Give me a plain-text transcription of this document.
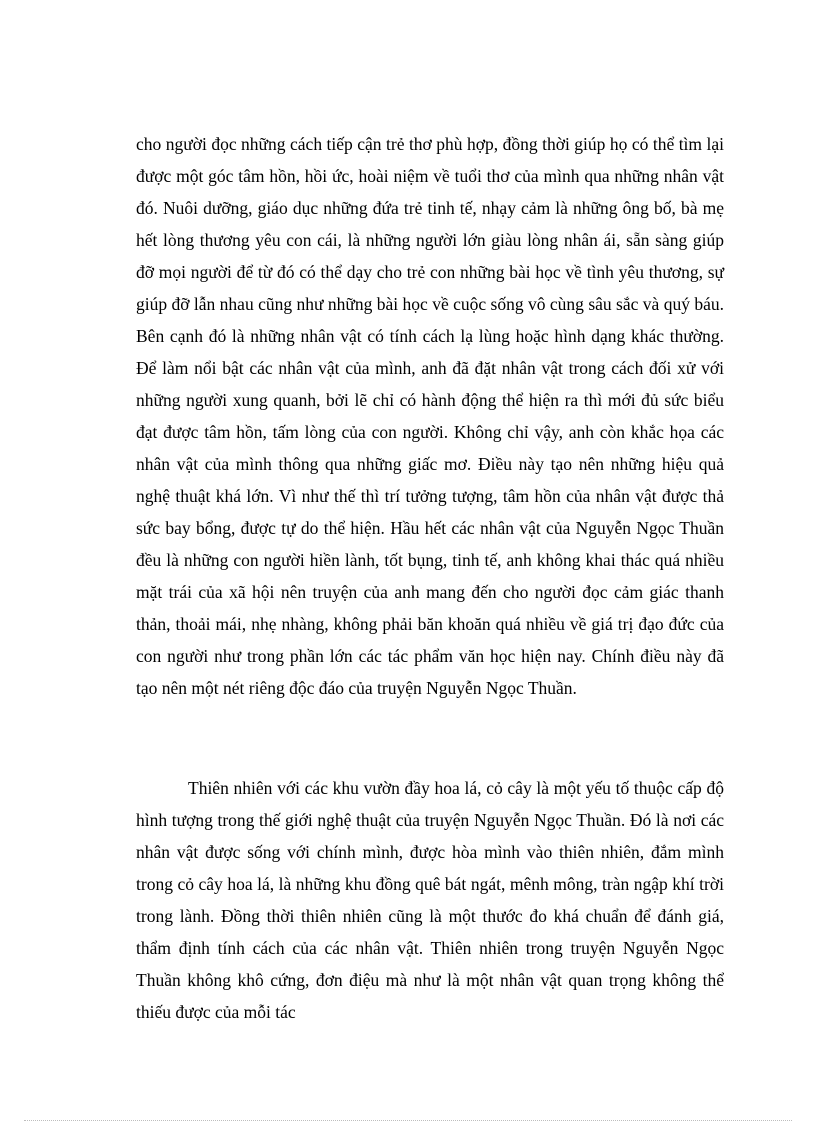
cho người đọc những cách tiếp cận trẻ thơ phù hợp, đồng thời giúp họ có thể tìm lại được một góc tâm hồn, hồi ức, hoài niệm về tuổi thơ của mình qua những nhân vật đó. Nuôi dưỡng, giáo dục những đứa trẻ tinh tế, nhạy cảm là những ông bố, bà mẹ hết lòng thương yêu con cái, là những người lớn giàu lòng nhân ái, sẵn sàng giúp đỡ mọi người để từ đó có thể dạy cho trẻ con những bài học về tình yêu thương, sự giúp đỡ lẫn nhau cũng như những bài học về cuộc sống vô cùng sâu sắc và quý báu. Bên cạnh đó là những nhân vật có tính cách lạ lùng hoặc hình dạng khác thường. Để làm nổi bật các nhân vật của mình, anh đã đặt nhân vật trong cách đối xử với những người xung quanh, bởi lẽ chỉ có hành động thể hiện ra thì mới đủ sức biểu đạt được tâm hồn, tấm lòng của con người. Không chỉ vậy, anh còn khắc họa các nhân vật của mình thông qua những giấc mơ. Điều này tạo nên những hiệu quả nghệ thuật khá lớn. Vì như thế thì trí tưởng tượng, tâm hồn của nhân vật được thả sức bay bổng, được tự do thể hiện. Hầu hết các nhân vật của Nguyễn Ngọc Thuần đều là những con người hiền lành, tốt bụng, tinh tế, anh không khai thác quá nhiều mặt trái của xã hội nên truyện của anh mang đến cho người đọc cảm giác thanh thản, thoải mái, nhẹ nhàng, không phải băn khoăn quá nhiều về giá trị đạo đức của con người như trong phần lớn các tác phẩm văn học hiện nay. Chính điều này đã tạo nên một nét riêng độc đáo của truyện Nguyễn Ngọc Thuần.

Thiên nhiên với các khu vườn đầy hoa lá, cỏ cây là một yếu tố thuộc cấp độ hình tượng trong thế giới nghệ thuật của truyện Nguyễn Ngọc Thuần. Đó là nơi các nhân vật được sống với chính mình, được hòa mình vào thiên nhiên, đắm mình trong cỏ cây hoa lá, là những khu đồng quê bát ngát, mênh mông, tràn ngập khí trời trong lành. Đồng thời thiên nhiên cũng là một thước đo khá chuẩn để đánh giá, thẩm định tính cách của các nhân vật. Thiên nhiên trong truyện Nguyễn Ngọc Thuần không khô cứng, đơn điệu mà như là một nhân vật quan trọng không thể thiếu được của mỗi tác
